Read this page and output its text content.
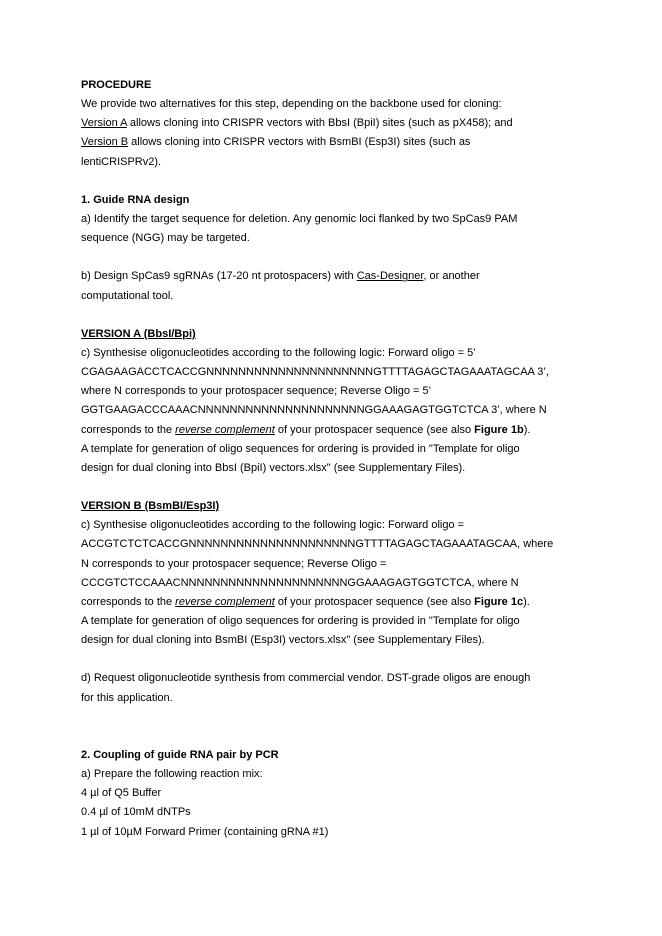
PROCEDURE
We provide two alternatives for this step, depending on the backbone used for cloning:
Version A allows cloning into CRISPR vectors with BbsI (BpiI) sites (such as pX458); and
Version B allows cloning into CRISPR vectors with BsmBI (Esp3I) sites (such as
lentiCRISPRv2).
1. Guide RNA design
a) Identify the target sequence for deletion. Any genomic loci flanked by two SpCas9 PAM
sequence (NGG) may be targeted.
b) Design SpCas9 sgRNAs (17-20 nt protospacers) with Cas-Designer, or another
computational tool.
VERSION A (BbsI/Bpi)
c) Synthesise oligonucleotides according to the following logic: Forward oligo = 5’
CGAGAAGACCTCACCGNNNNNNNNNNNNNNNNNNNNNGTTTTAGAGCTAGAAATAGCAA 3’,
where N corresponds to your protospacer sequence; Reverse Oligo = 5’
GGTGAAGACCCAAACNNNNNNNNNNNNNNNNNNNNNGGAAAGAGTGGTCTCA 3’, where N
corresponds to the reverse complement of your protospacer sequence (see also Figure 1b).
A template for generation of oligo sequences for ordering is provided in "Template for oligo
design for dual cloning into BbsI (BpiI) vectors.xlsx" (see Supplementary Files).
VERSION B (BsmBI/Esp3I)
c) Synthesise oligonucleotides according to the following logic: Forward oligo =
ACCGTCTCTCACCGNNNNNNNNNNNNNNNNNNNNNGTTTTAGAGCTAGAAATAGCAA, where
N corresponds to your protospacer sequence; Reverse Oligo =
CCCGTCTCCAAACNNNNNNNNNNNNNNNNNNNNNGGAAAGAGTGGTCTCA, where N
corresponds to the reverse complement of your protospacer sequence (see also Figure 1c).
A template for generation of oligo sequences for ordering is provided in "Template for oligo
design for dual cloning into BsmBI (Esp3I) vectors.xlsx" (see Supplementary Files).
d) Request oligonucleotide synthesis from commercial vendor. DST-grade oligos are enough
for this application.
2. Coupling of guide RNA pair by PCR
a) Prepare the following reaction mix:
4 µl of Q5 Buffer
0.4 µl of 10mM dNTPs
1 µl of 10µM Forward Primer (containing gRNA #1)
